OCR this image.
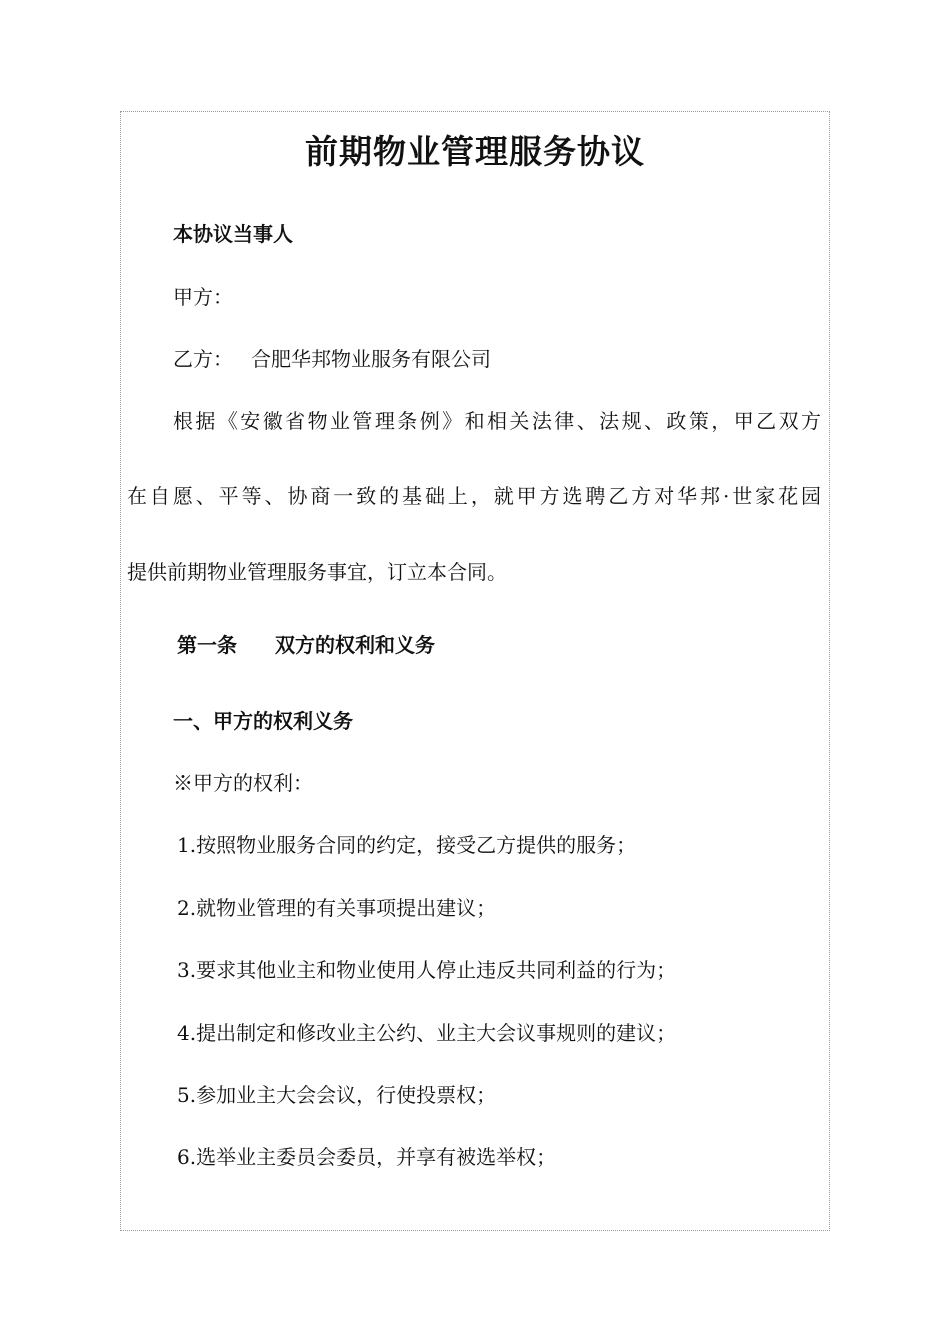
前期物业管理服务协议
本协议当事人
甲方：
乙方： 合肥华邦物业服务有限公司
根据《安徽省物业管理条例》和相关法律、法规、政策，甲乙双方
在自愿、平等、协商一致的基础上，就甲方选聘乙方对华邦·世家花园
提供前期物业管理服务事宜，订立本合同。
第一条 双方的权利和义务
一、甲方的权利义务
※甲方的权利：
1.按照物业服务合同的约定，接受乙方提供的服务；
2.就物业管理的有关事项提出建议；
3.要求其他业主和物业使用人停止违反共同利益的行为；
4.提出制定和修改业主公约、业主大会议事规则的建议；
5.参加业主大会会议，行使投票权；
6.选举业主委员会委员，并享有被选举权；
